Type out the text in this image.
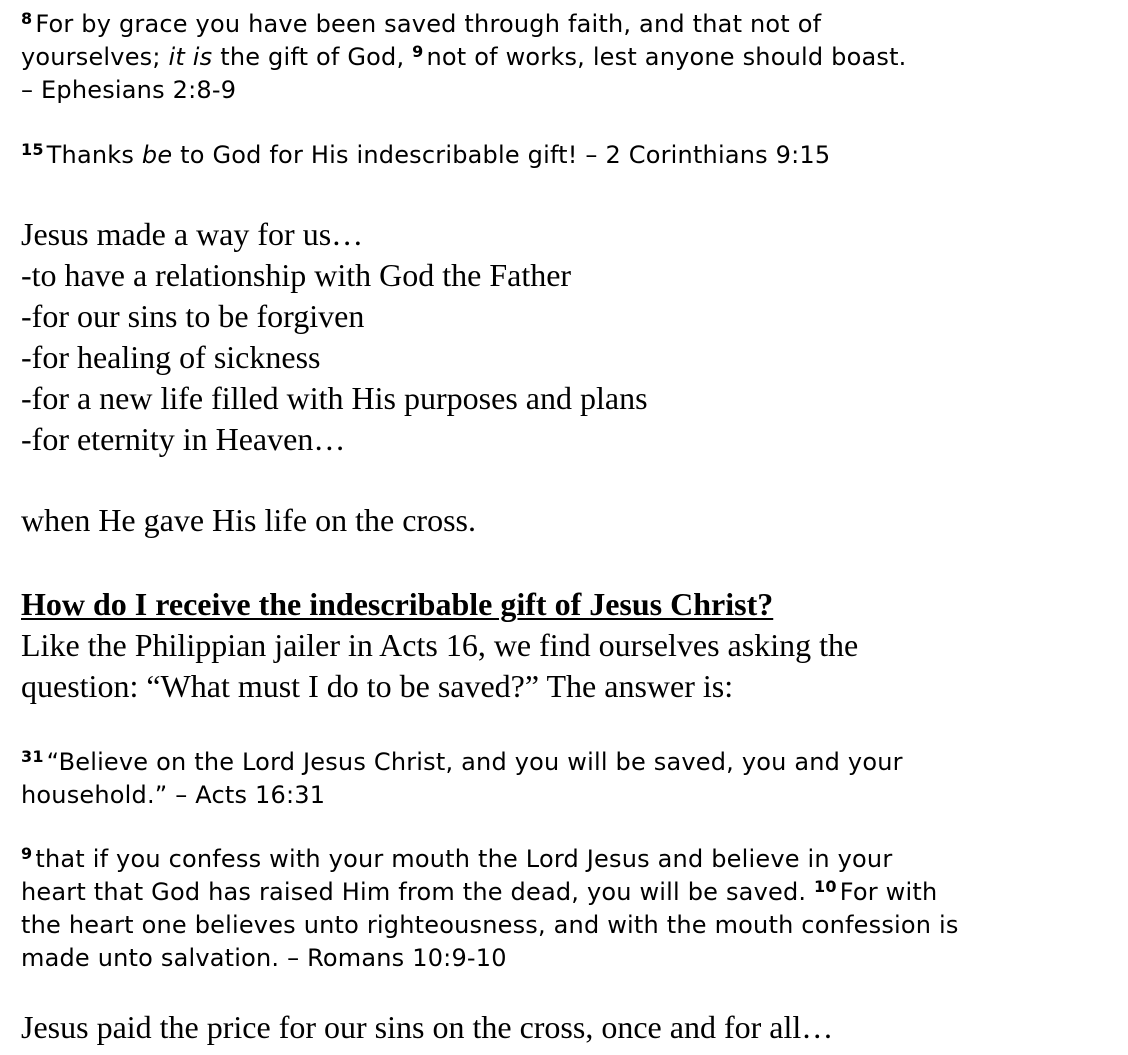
$^8$ For by grace you have been saved through faith, and that not of
yourselves; it is the gift of God, $^9$ not of works, lest anyone should boast.
– Ephesians 2:8-9

$^{15}$ Thanks be to God for His indescribable gift! – 2 Corinthians 9:15

Jesus made a way for us…
-to have a relationship with God the Father
-for our sins to be forgiven
-for healing of sickness
-for a new life filled with His purposes and plans
-for eternity in Heaven…

when He gave His life on the cross.

How do I receive the indescribable gift of Jesus Christ?
Like the Philippian jailer in Acts 16, we find ourselves asking the
question: “What must I do to be saved?” The answer is:

$^{31}$ “Believe on the Lord Jesus Christ, and you will be saved, you and your
household.” – Acts 16:31

$^9$ that if you confess with your mouth the Lord Jesus and believe in your
heart that God has raised Him from the dead, you will be saved. $^{10}$ For with
the heart one believes unto righteousness, and with the mouth confession is
made unto salvation. – Romans 10:9-10

Jesus paid the price for our sins on the cross, once and for all…
